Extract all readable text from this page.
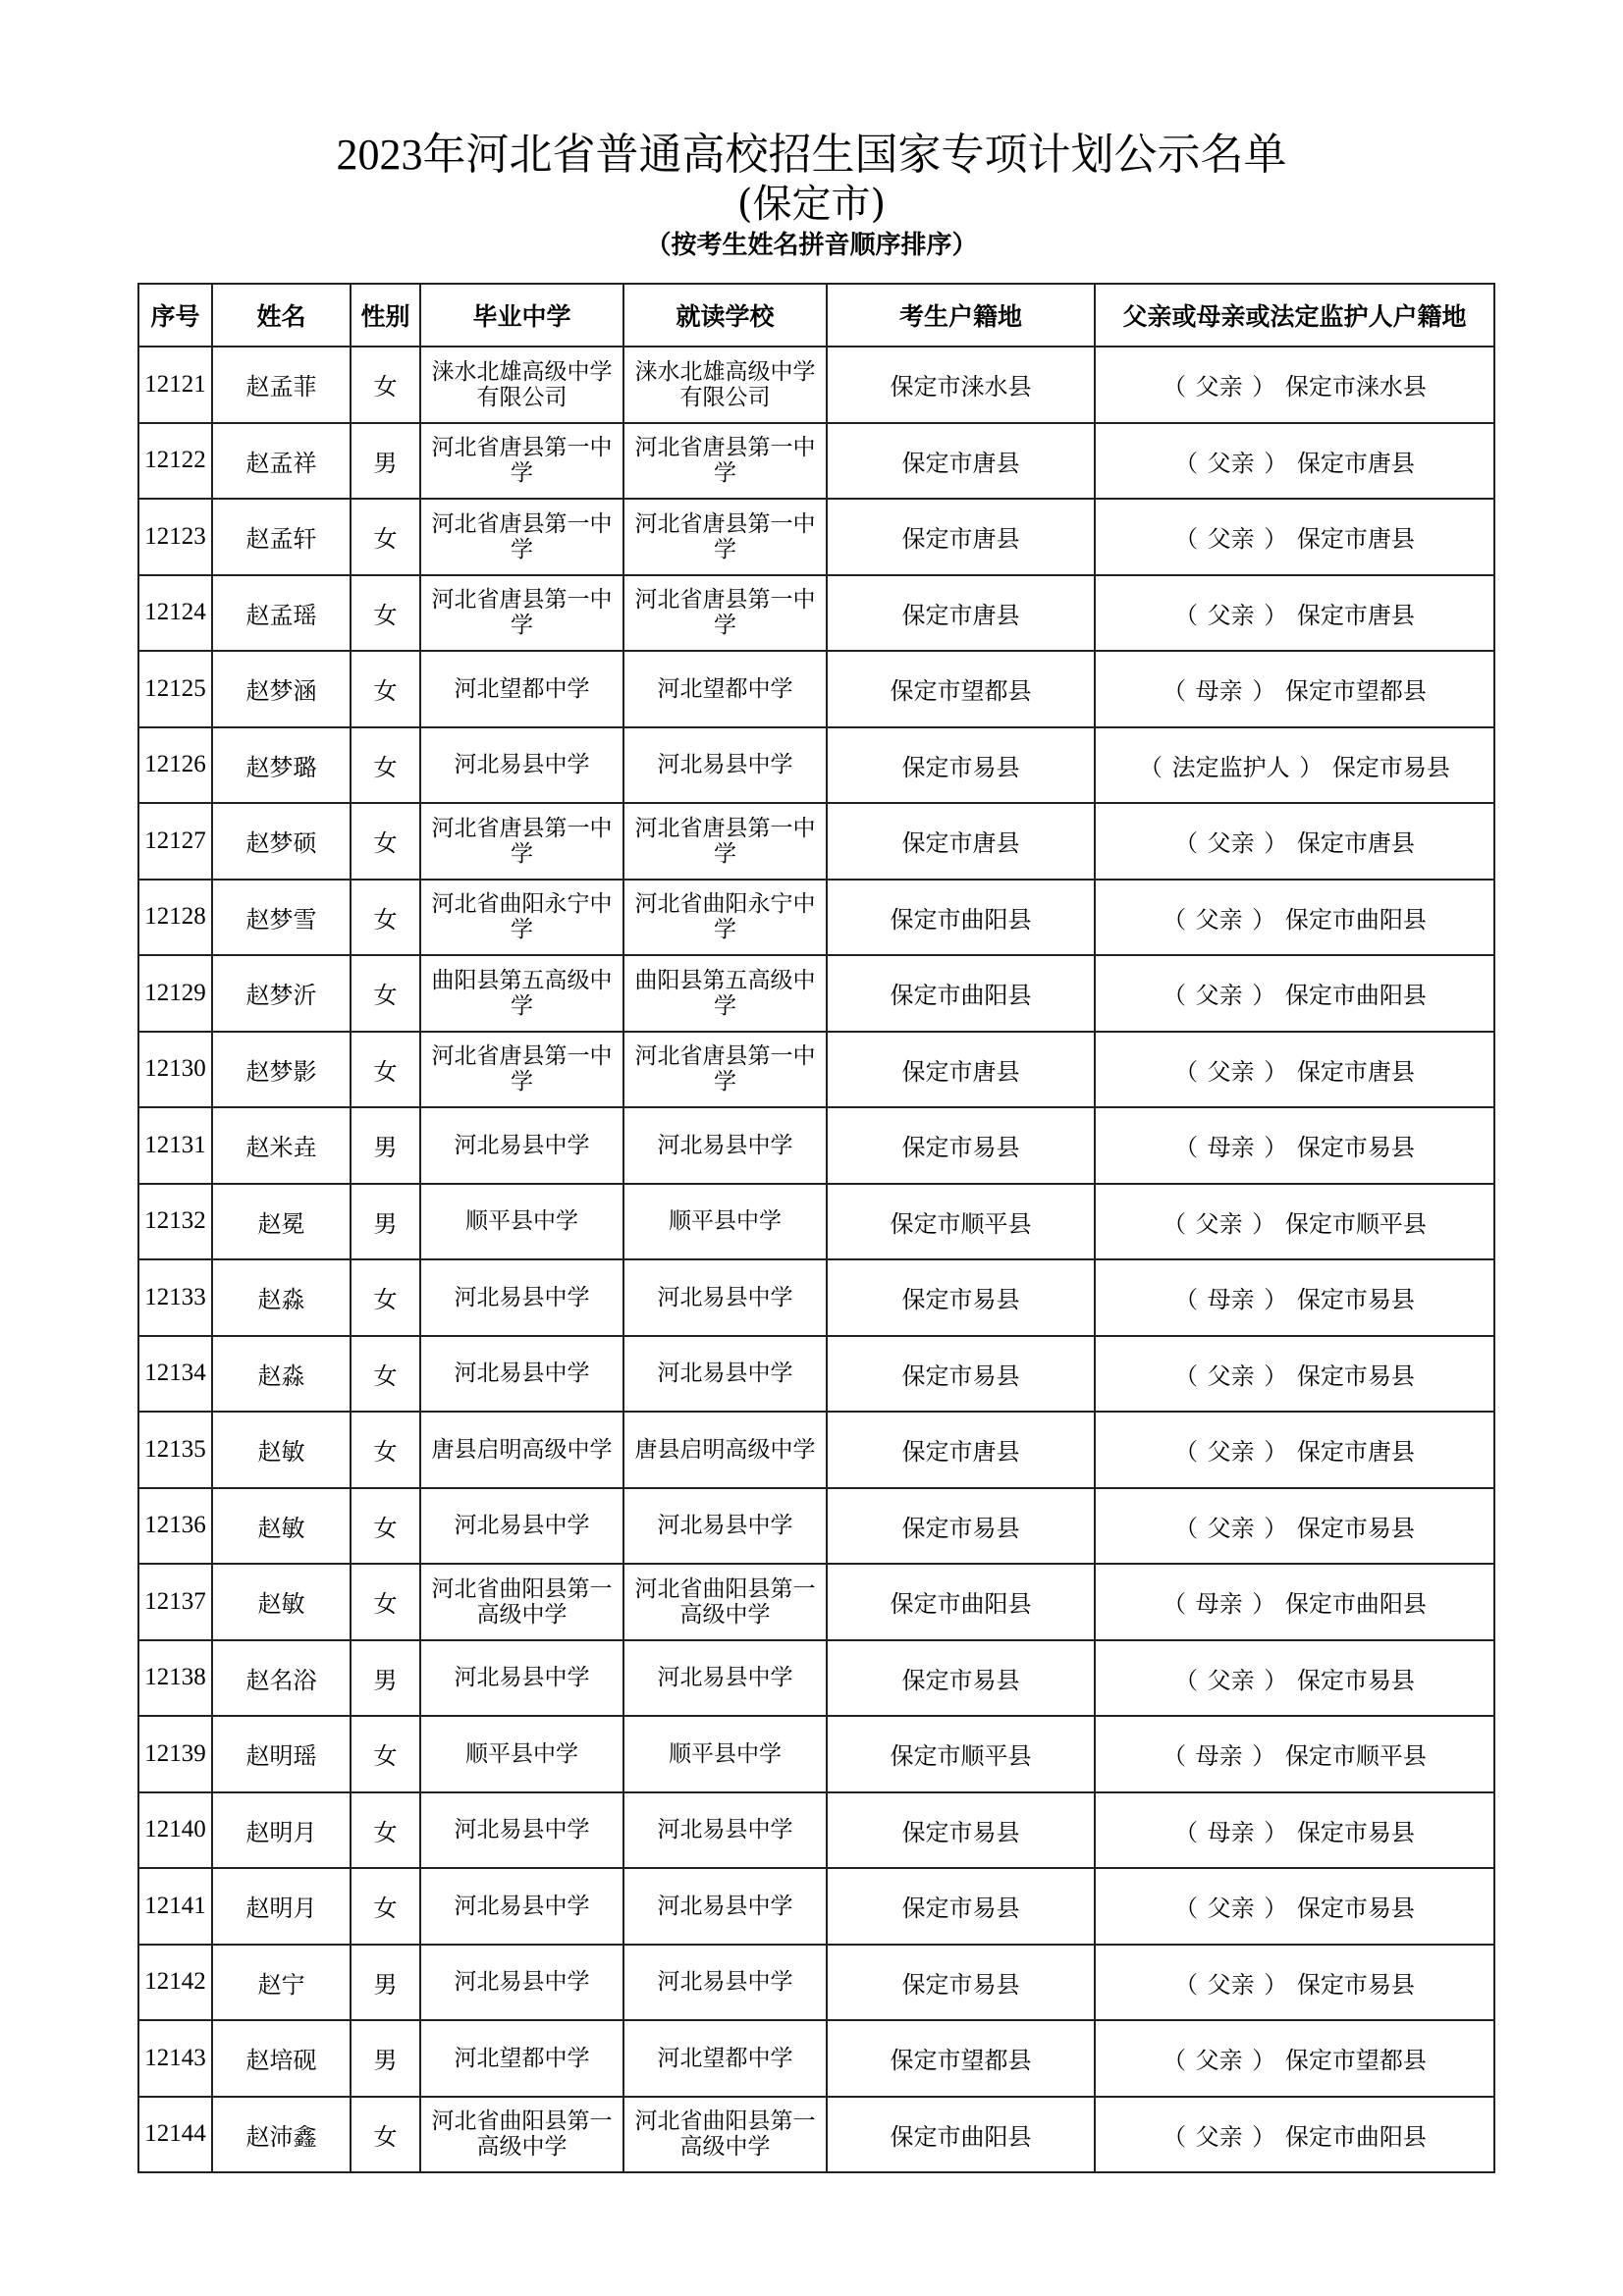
2023年河北省普通高校招生国家专项计划公示名单
(保定市)
（按考生姓名拼音顺序排序）
序号	姓名	性别	毕业中学	就读学校	考生户籍地	父亲或母亲或法定监护人户籍地
12121	赵孟菲	女	涞水北雄高级中学有限公司	涞水北雄高级中学有限公司	保定市涞水县	（ 父亲 ） 保定市涞水县
12122	赵孟祥	男	河北省唐县第一中学	河北省唐县第一中学	保定市唐县	（ 父亲 ） 保定市唐县
12123	赵孟轩	女	河北省唐县第一中学	河北省唐县第一中学	保定市唐县	（ 父亲 ） 保定市唐县
12124	赵孟瑶	女	河北省唐县第一中学	河北省唐县第一中学	保定市唐县	（ 父亲 ） 保定市唐县
12125	赵梦涵	女	河北望都中学	河北望都中学	保定市望都县	（ 母亲 ） 保定市望都县
12126	赵梦璐	女	河北易县中学	河北易县中学	保定市易县	（ 法定监护人 ） 保定市易县
12127	赵梦硕	女	河北省唐县第一中学	河北省唐县第一中学	保定市唐县	（ 父亲 ） 保定市唐县
12128	赵梦雪	女	河北省曲阳永宁中学	河北省曲阳永宁中学	保定市曲阳县	（ 父亲 ） 保定市曲阳县
12129	赵梦沂	女	曲阳县第五高级中学	曲阳县第五高级中学	保定市曲阳县	（ 父亲 ） 保定市曲阳县
12130	赵梦影	女	河北省唐县第一中学	河北省唐县第一中学	保定市唐县	（ 父亲 ） 保定市唐县
12131	赵米垚	男	河北易县中学	河北易县中学	保定市易县	（ 母亲 ） 保定市易县
12132	赵冕	男	顺平县中学	顺平县中学	保定市顺平县	（ 父亲 ） 保定市顺平县
12133	赵淼	女	河北易县中学	河北易县中学	保定市易县	（ 母亲 ） 保定市易县
12134	赵淼	女	河北易县中学	河北易县中学	保定市易县	（ 父亲 ） 保定市易县
12135	赵敏	女	唐县启明高级中学	唐县启明高级中学	保定市唐县	（ 父亲 ） 保定市唐县
12136	赵敏	女	河北易县中学	河北易县中学	保定市易县	（ 父亲 ） 保定市易县
12137	赵敏	女	河北省曲阳县第一高级中学	河北省曲阳县第一高级中学	保定市曲阳县	（ 母亲 ） 保定市曲阳县
12138	赵名浴	男	河北易县中学	河北易县中学	保定市易县	（ 父亲 ） 保定市易县
12139	赵明瑶	女	顺平县中学	顺平县中学	保定市顺平县	（ 母亲 ） 保定市顺平县
12140	赵明月	女	河北易县中学	河北易县中学	保定市易县	（ 母亲 ） 保定市易县
12141	赵明月	女	河北易县中学	河北易县中学	保定市易县	（ 父亲 ） 保定市易县
12142	赵宁	男	河北易县中学	河北易县中学	保定市易县	（ 父亲 ） 保定市易县
12143	赵培砚	男	河北望都中学	河北望都中学	保定市望都县	（ 父亲 ） 保定市望都县
12144	赵沛鑫	女	河北省曲阳县第一高级中学	河北省曲阳县第一高级中学	保定市曲阳县	（ 父亲 ） 保定市曲阳县
